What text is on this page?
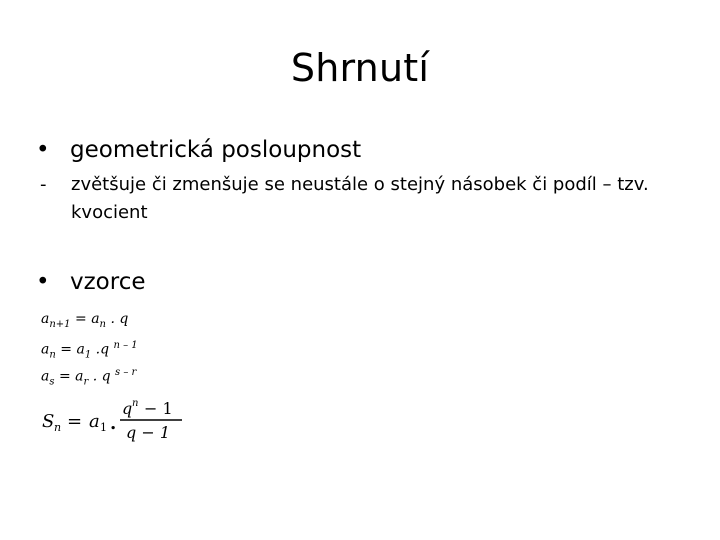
Shrnutí
• geometrická posloupnost
-	zvětšuje či zmenšuje se neustále o stejný násobek či podíl – tzv. kvocient
• vzorce
$a_{n+1} = a_n$ . q
$a_n = a_1$ .q $^{n - 1}$
$a_s = a_r$ . q $^{s - r}$
S n = a 1 .
q n − 1
q − 1
